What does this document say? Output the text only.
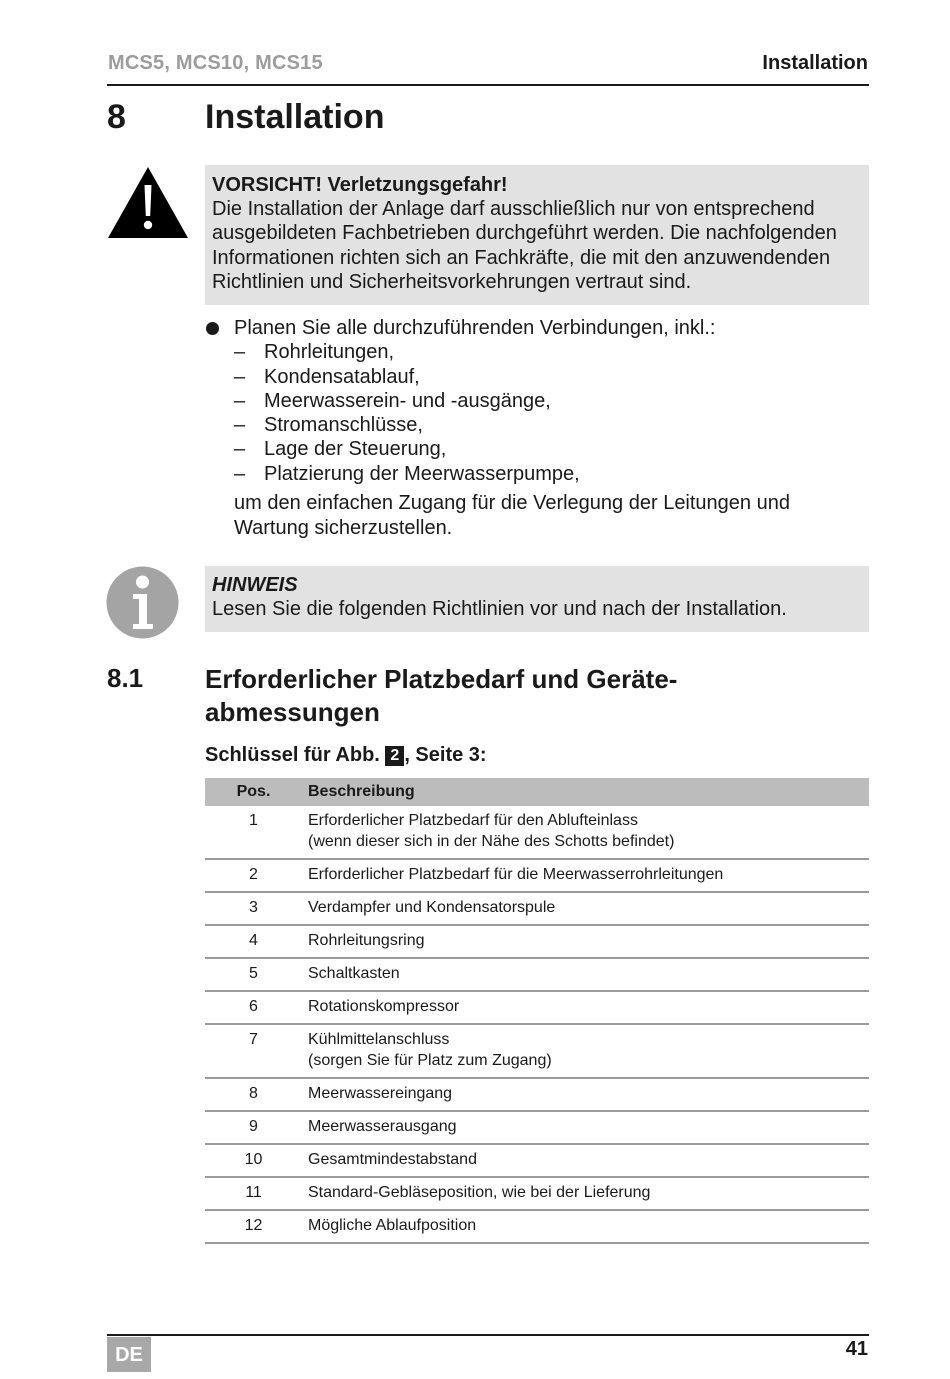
MCS5, MCS10, MCS15	Installation
8 Installation
VORSICHT! Verletzungsgefahr!
Die Installation der Anlage darf ausschließlich nur von entsprechend ausgebildeten Fachbetrieben durchgeführt werden. Die nachfolgenden Informationen richten sich an Fachkräfte, die mit den anzuwendenden Richtlinien und Sicherheitsvorkehrungen vertraut sind.
Planen Sie alle durchzuführenden Verbindungen, inkl.:
– Rohrleitungen,
– Kondensatablauf,
– Meerwasserein- und -ausgänge,
– Stromanschlüsse,
– Lage der Steuerung,
– Platzierung der Meerwasserpumpe,
um den einfachen Zugang für die Verlegung der Leitungen und Wartung sicherzustellen.
HINWEIS
Lesen Sie die folgenden Richtlinien vor und nach der Installation.
8.1 Erforderlicher Platzbedarf und Geräte-abmessungen
Schlüssel für Abb. 2 , Seite 3:
Pos.	Beschreibung
1	Erforderlicher Platzbedarf für den Ablufteinlass
(wenn dieser sich in der Nähe des Schotts befindet)

2	Erforderlicher Platzbedarf für die Meerwasserrohrleitungen
3	Verdampfer und Kondensatorspule
4	Rohrleitungsring
5	Schaltkasten
6	Rotationskompressor
7	Kühlmittelanschluss
(sorgen Sie für Platz zum Zugang)

8	Meerwassereingang
9	Meerwasserausgang
10	Gesamtmindestabstand
11	Standard-Gebläseposition, wie bei der Lieferung
12	Mögliche Ablaufposition
DE	41
